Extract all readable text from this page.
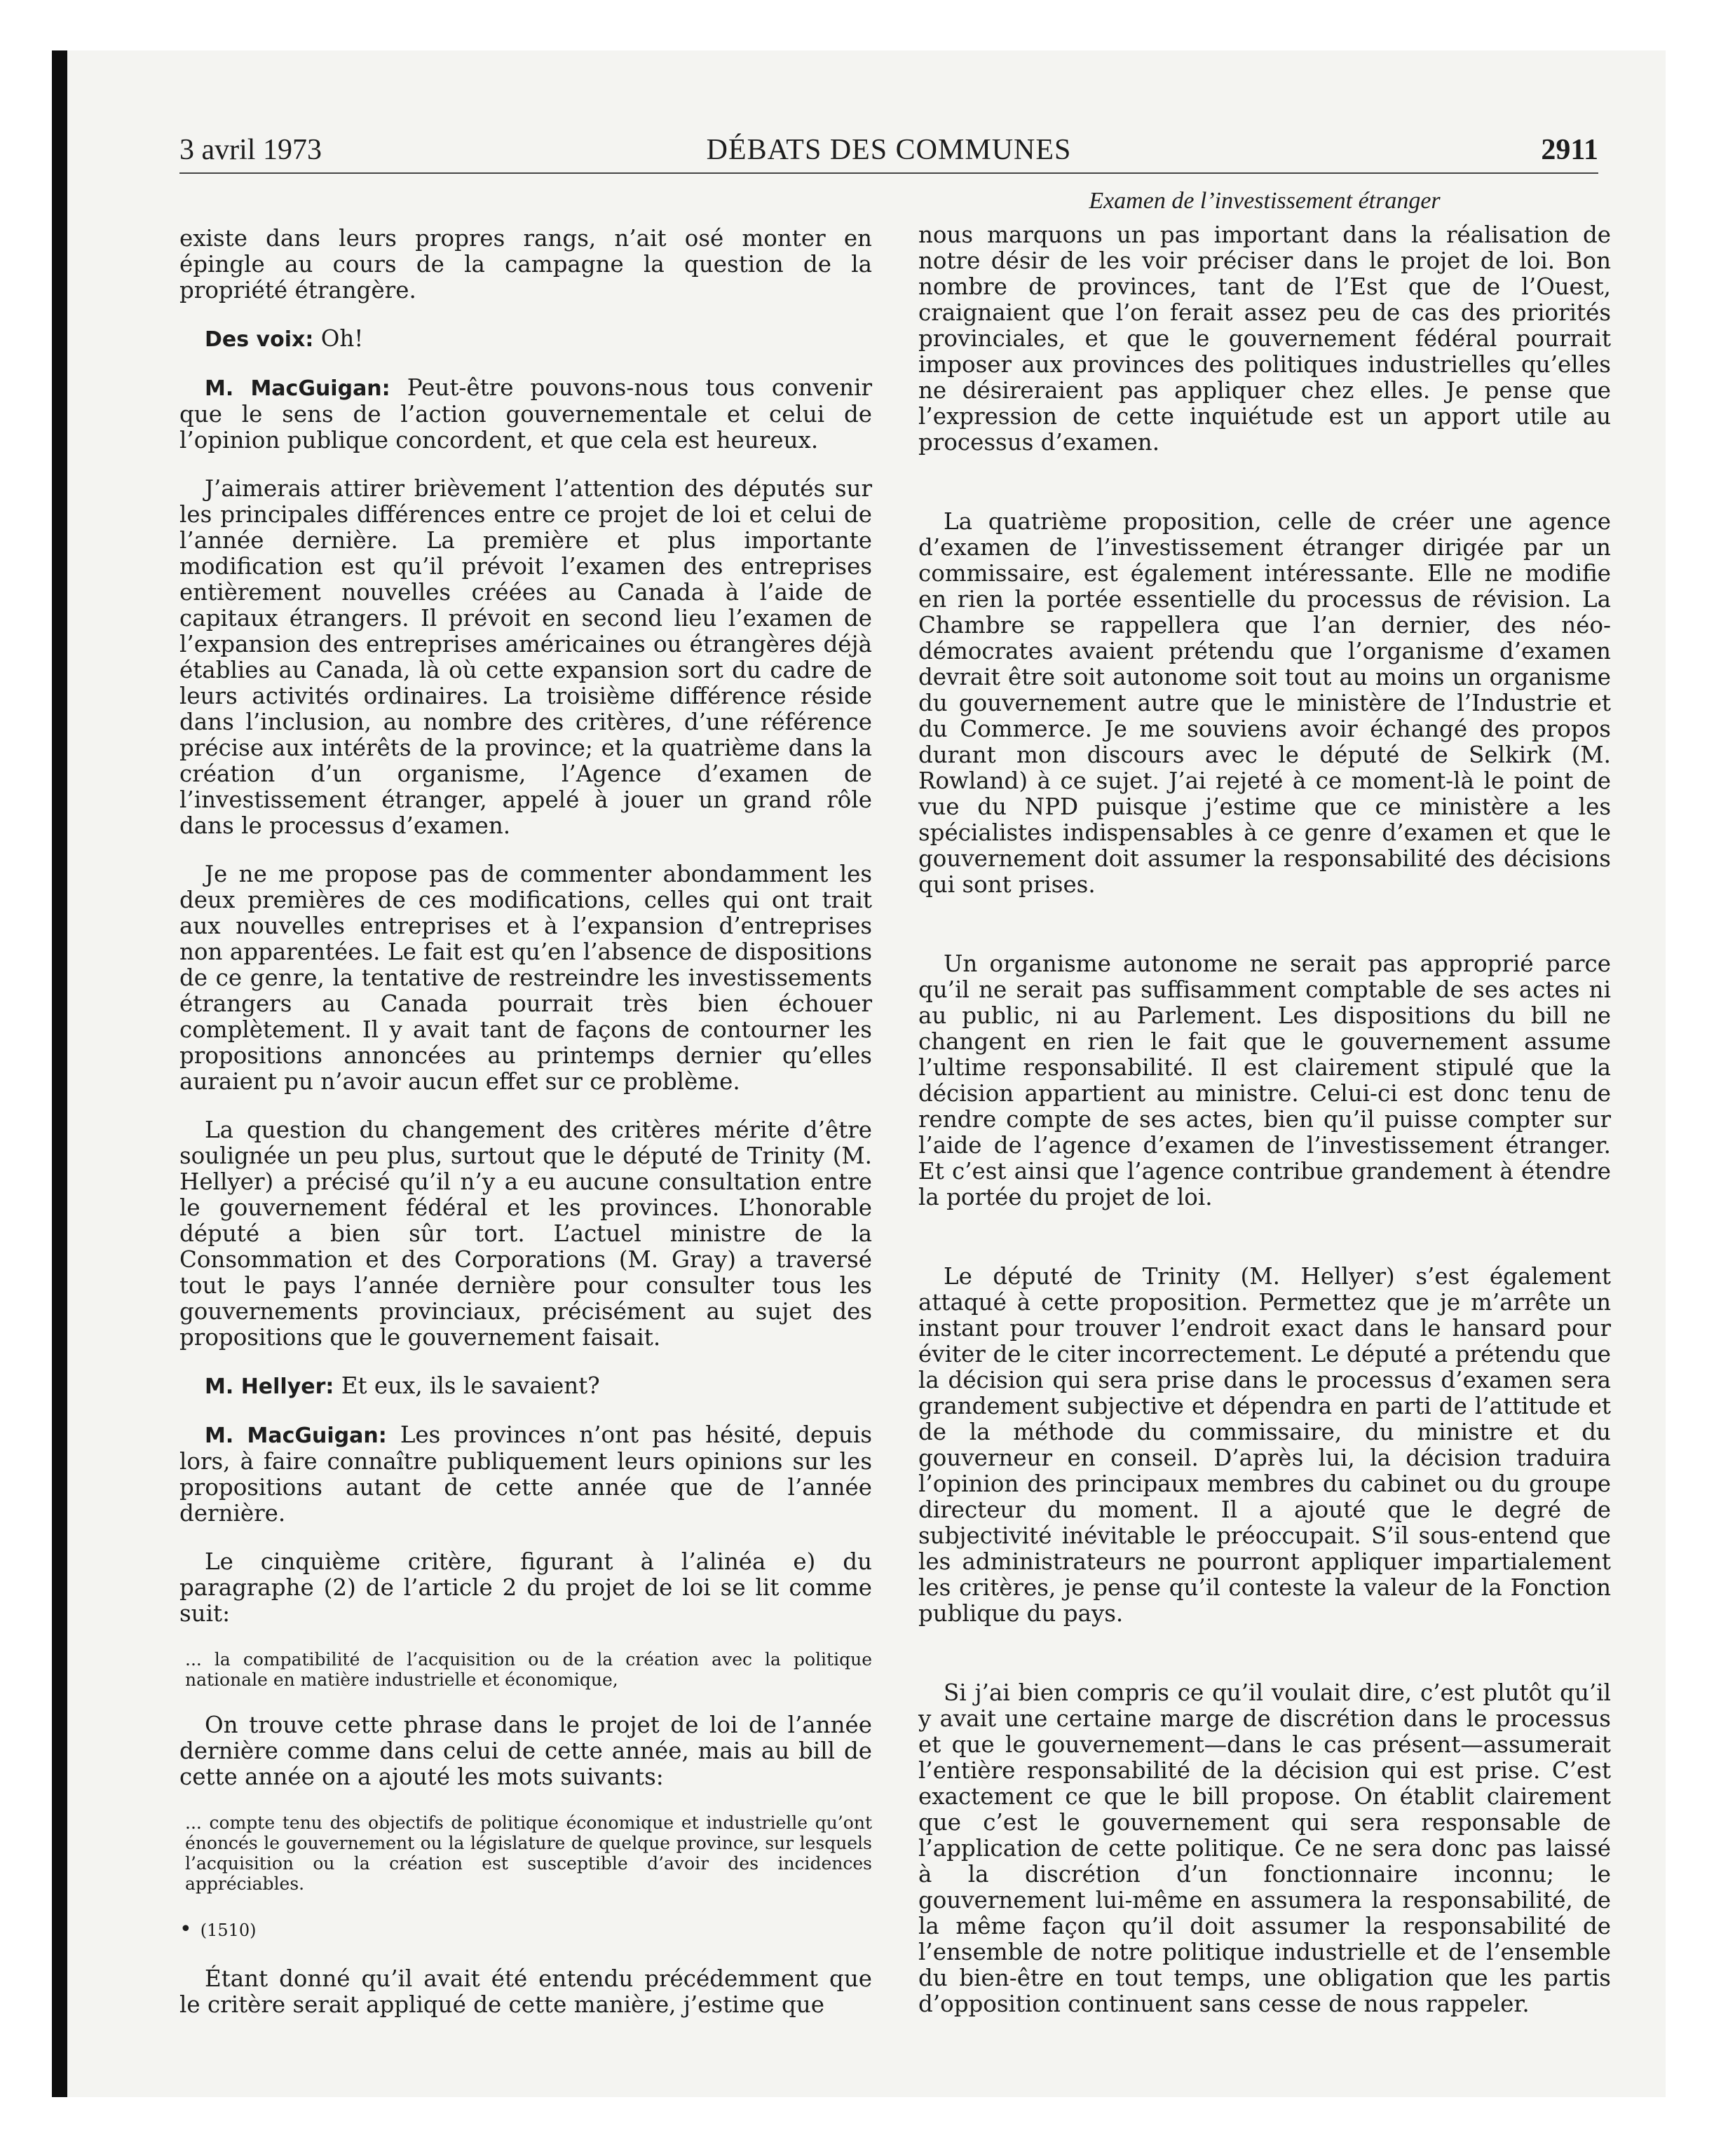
3 avril 1973	DÉBATS DES COMMUNES	2911

existe dans leurs propres rangs, n’ait osé monter en épingle au cours de la campagne la question de la propriété étrangère.

Des voix: Oh!

M. MacGuigan: Peut-être pouvons-nous tous convenir que le sens de l’action gouvernementale et celui de l’opinion publique concordent, et que cela est heureux.

J’aimerais attirer brièvement l’attention des députés sur les principales différences entre ce projet de loi et celui de l’année dernière. La première et plus importante modification est qu’il prévoit l’examen des entreprises entièrement nouvelles créées au Canada à l’aide de capitaux étrangers. Il prévoit en second lieu l’examen de l’expansion des entreprises américaines ou étrangères déjà établies au Canada, là où cette expansion sort du cadre de leurs activités ordinaires. La troisième différence réside dans l’inclusion, au nombre des critères, d’une référence précise aux intérêts de la province; et la quatrième dans la création d’un organisme, l’Agence d’examen de l’investissement étranger, appelé à jouer un grand rôle dans le processus d’examen.

Je ne me propose pas de commenter abondamment les deux premières de ces modifications, celles qui ont trait aux nouvelles entreprises et à l’expansion d’entreprises non apparentées. Le fait est qu’en l’absence de dispositions de ce genre, la tentative de restreindre les investissements étrangers au Canada pourrait très bien échouer complètement. Il y avait tant de façons de contourner les propositions annoncées au printemps dernier qu’elles auraient pu n’avoir aucun effet sur ce problème.

La question du changement des critères mérite d’être soulignée un peu plus, surtout que le député de Trinity (M. Hellyer) a précisé qu’il n’y a eu aucune consultation entre le gouvernement fédéral et les provinces. L’honorable député a bien sûr tort. L’actuel ministre de la Consommation et des Corporations (M. Gray) a traversé tout le pays l’année dernière pour consulter tous les gouvernements provinciaux, précisément au sujet des propositions que le gouvernement faisait.

M. Hellyer: Et eux, ils le savaient?

M. MacGuigan: Les provinces n’ont pas hésité, depuis lors, à faire connaître publiquement leurs opinions sur les propositions autant de cette année que de l’année dernière.

Le cinquième critère, figurant à l’alinéa e) du paragraphe (2) de l’article 2 du projet de loi se lit comme suit:

... la compatibilité de l’acquisition ou de la création avec la politique nationale en matière industrielle et économique,

On trouve cette phrase dans le projet de loi de l’année dernière comme dans celui de cette année, mais au bill de cette année on a ajouté les mots suivants:

... compte tenu des objectifs de politique économique et industrielle qu’ont énoncés le gouvernement ou la législature de quelque province, sur lesquels l’acquisition ou la création est susceptible d’avoir des incidences appréciables.

• (1510)

Étant donné qu’il avait été entendu précédemment que le critère serait appliqué de cette manière, j’estime que

Examen de l’investissement étranger

nous marquons un pas important dans la réalisation de notre désir de les voir préciser dans le projet de loi. Bon nombre de provinces, tant de l’Est que de l’Ouest, craignaient que l’on ferait assez peu de cas des priorités provinciales, et que le gouvernement fédéral pourrait imposer aux provinces des politiques industrielles qu’elles ne désireraient pas appliquer chez elles. Je pense que l’expression de cette inquiétude est un apport utile au processus d’examen.

La quatrième proposition, celle de créer une agence d’examen de l’investissement étranger dirigée par un commissaire, est également intéressante. Elle ne modifie en rien la portée essentielle du processus de révision. La Chambre se rappellera que l’an dernier, des néo-démocrates avaient prétendu que l’organisme d’examen devrait être soit autonome soit tout au moins un organisme du gouvernement autre que le ministère de l’Industrie et du Commerce. Je me souviens avoir échangé des propos durant mon discours avec le député de Selkirk (M. Rowland) à ce sujet. J’ai rejeté à ce moment-là le point de vue du NPD puisque j’estime que ce ministère a les spécialistes indispensables à ce genre d’examen et que le gouvernement doit assumer la responsabilité des décisions qui sont prises.

Un organisme autonome ne serait pas approprié parce qu’il ne serait pas suffisamment comptable de ses actes ni au public, ni au Parlement. Les dispositions du bill ne changent en rien le fait que le gouvernement assume l’ultime responsabilité. Il est clairement stipulé que la décision appartient au ministre. Celui-ci est donc tenu de rendre compte de ses actes, bien qu’il puisse compter sur l’aide de l’agence d’examen de l’investissement étranger. Et c’est ainsi que l’agence contribue grandement à étendre la portée du projet de loi.

Le député de Trinity (M. Hellyer) s’est également attaqué à cette proposition. Permettez que je m’arrête un instant pour trouver l’endroit exact dans le hansard pour éviter de le citer incorrectement. Le député a prétendu que la décision qui sera prise dans le processus d’examen sera grandement subjective et dépendra en parti de l’attitude et de la méthode du commissaire, du ministre et du gouverneur en conseil. D’après lui, la décision traduira l’opinion des principaux membres du cabinet ou du groupe directeur du moment. Il a ajouté que le degré de subjectivité inévitable le préoccupait. S’il sous-entend que les administrateurs ne pourront appliquer impartialement les critères, je pense qu’il conteste la valeur de la Fonction publique du pays.

Si j’ai bien compris ce qu’il voulait dire, c’est plutôt qu’il y avait une certaine marge de discrétion dans le processus et que le gouvernement—dans le cas présent—assumerait l’entière responsabilité de la décision qui est prise. C’est exactement ce que le bill propose. On établit clairement que c’est le gouvernement qui sera responsable de l’application de cette politique. Ce ne sera donc pas laissé à la discrétion d’un fonctionnaire inconnu; le gouvernement lui-même en assumera la responsabilité, de la même façon qu’il doit assumer la responsabilité de l’ensemble de notre politique industrielle et de l’ensemble du bien-être en tout temps, une obligation que les partis d’opposition continuent sans cesse de nous rappeler.
